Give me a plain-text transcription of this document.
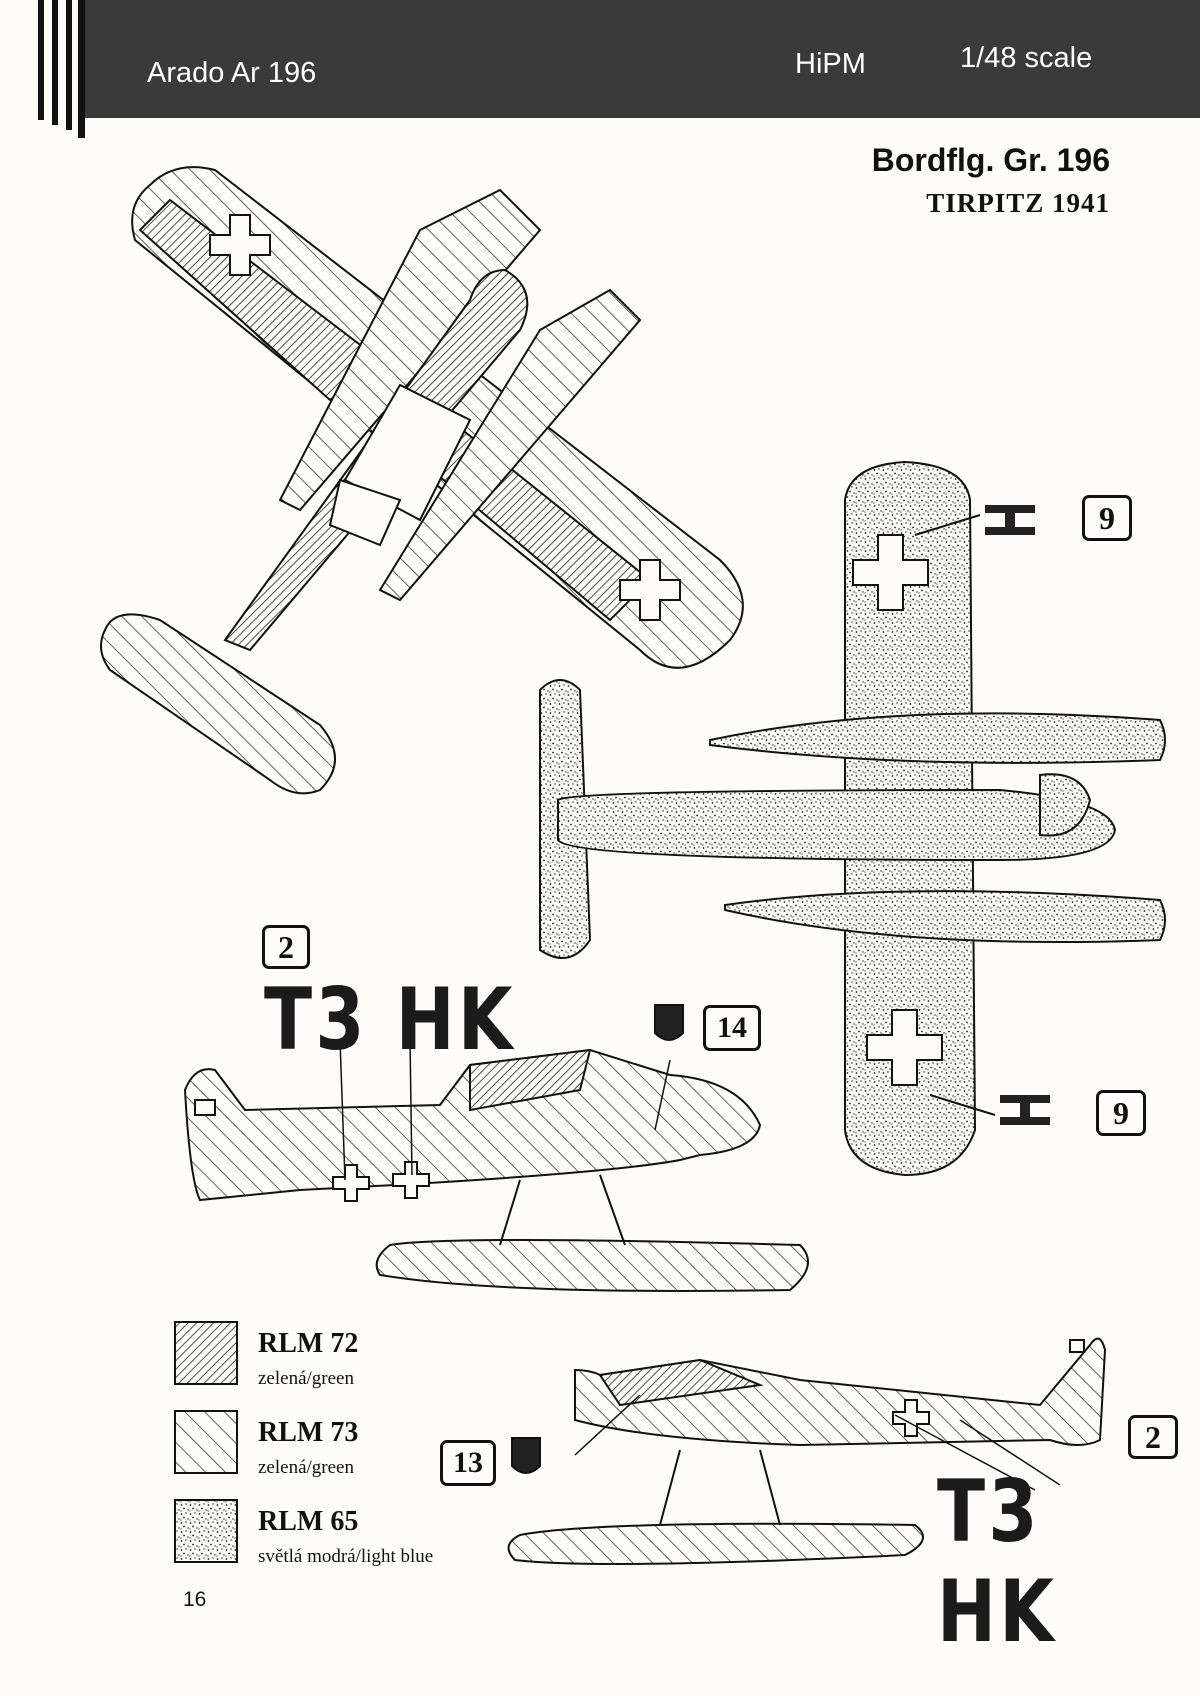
Arado Ar 196	HiPM	1/48 scale
Bordflg. Gr. 196
TIRPITZ 1941
2
T3 HK	14
9
9
2
T3 HK
13
RLM 72
zelená/green
RLM 73
zelená/green
RLM 65
světlá modrá/light blue
16
